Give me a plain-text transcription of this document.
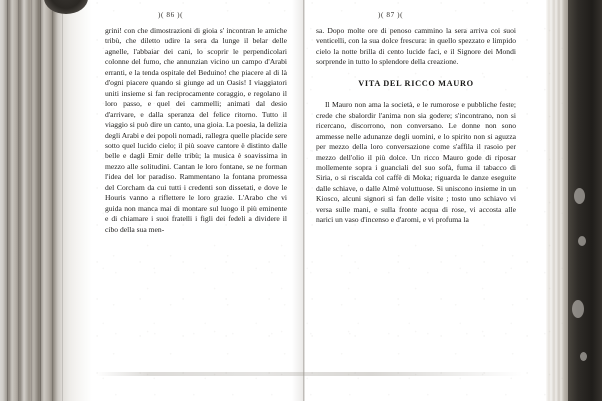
)( 86 )(

grini! con che dimostrazioni di gioia s' incontran le amiche tribù, che diletto udire la sera da lunge il belar delle agnelle, l'abbaiar dei cani, lo scoprir le perpendicolari colonne del fumo, che annunzian vicino un campo d'Arabi erranti, e la tenda ospitale del Beduino! che piacere al di là d'ogni piacere quando si giunge ad un Oasis! I viaggiatori uniti insieme si fan reciprocamente coraggio, e regolano il loro passo, e quel dei cammelli; animati dal desio d'arrivare, e dalla speranza del felice ritorno. Tutto il viaggio si può dire un canto, una gioia. La poesia, la delizia degli Arabi e dei popoli nomadi, rallegra quelle placide sere sotto quel lucido cielo; il più soave cantore è distinto dalle belle e dagli Emir delle tribù; la musica è soavissima in mezzo alle solitudini. Cantan le loro fontane, se ne forman l'idea del lor paradiso. Rammentano la fontana promessa del Corcham da cui tutti i credenti son dissetati, e dove le Houris vanno a riflettere le loro grazie. L'Arabo che vi guida non manca mai di montare sul luogo il più eminente e di chiamare i suoi fratelli i figli dei fedeli a dividere il cibo della sua men-

)( 87 )(

sa. Dopo molte ore di penoso cammino la sera arriva coi suoi venticelli, con la sua dolce frescura: in quello spezzato e limpido cielo la notte brilla di cento lucide faci, e il Signore dei Mondi sorprende in tutto lo splendore della creazione.

VITA DEL RICCO MAURO

Il Mauro non ama la società, e le rumorose e pubbliche feste; crede che sbalordir l'anima non sia godere; s'incontrano, non si ricercano, discorrono, non conversano. Le donne non sono ammesse nelle adunanze degli uomini, e lo spirito non si aguzza per mezzo della loro conversazione come s'affila il rasoio per mezzo dell'olio il più dolce. Un ricco Mauro gode di riposar mollemente sopra i guanciali del suo sofà, fuma il tabacco di Siria, o si riscalda col caffè di Moka; riguarda le danze eseguite dalle schiave, o dalle Almè voluttuose. Si uniscono insieme in un Kiosco, alcuni signori si fan delle visite ; tosto uno schiavo vi versa sulle mani, e sulla fronte acqua di rose, vi accosta alle narici un vaso d'incenso e d'aromi, e vi profuma la
